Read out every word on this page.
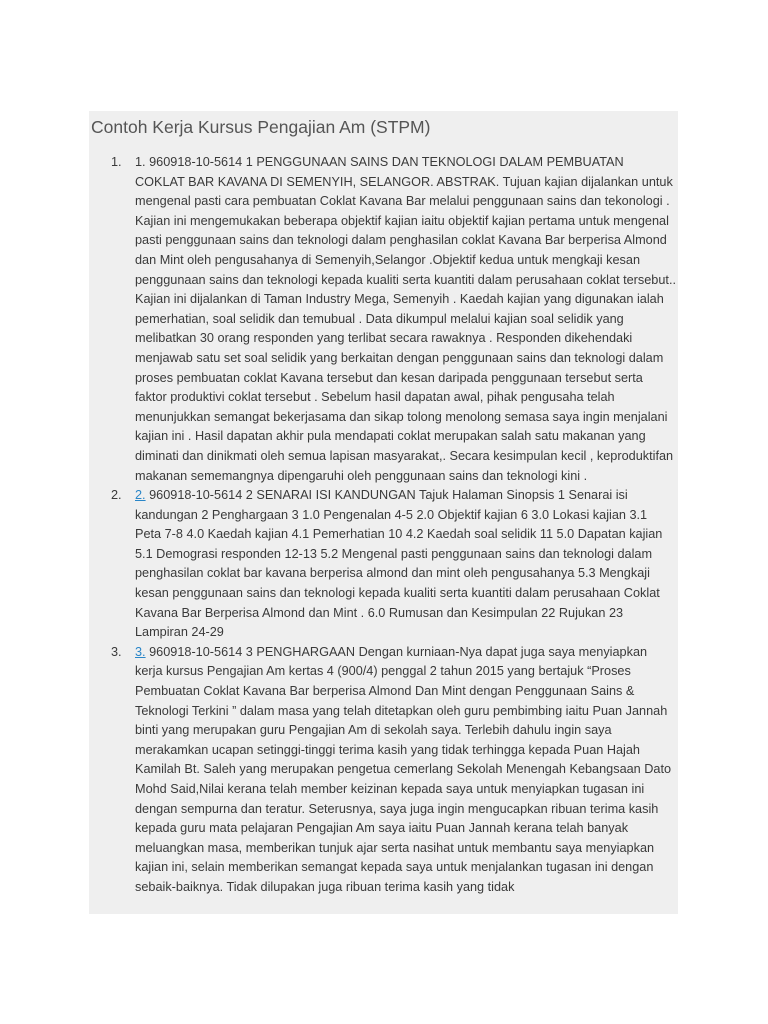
Contoh Kerja Kursus Pengajian Am (STPM)
1. 1. 960918-10-5614 1 PENGGUNAAN SAINS DAN TEKNOLOGI DALAM PEMBUATAN COKLAT BAR KAVANA DI SEMENYIH, SELANGOR. ABSTRAK. Tujuan kajian dijalankan untuk mengenal pasti cara pembuatan Coklat Kavana Bar melalui penggunaan sains dan tekonologi . Kajian ini mengemukakan beberapa objektif kajian iaitu objektif kajian pertama untuk mengenal pasti penggunaan sains dan teknologi dalam penghasilan coklat Kavana Bar berperisa Almond dan Mint oleh pengusahanya di Semenyih,Selangor .Objektif kedua untuk mengkaji kesan penggunaan sains dan teknologi kepada kualiti serta kuantiti dalam perusahaan coklat tersebut.. Kajian ini dijalankan di Taman Industry Mega, Semenyih . Kaedah kajian yang digunakan ialah pemerhatian, soal selidik dan temubual . Data dikumpul melalui kajian soal selidik yang melibatkan 30 orang responden yang terlibat secara rawaknya . Responden dikehendaki menjawab satu set soal selidik yang berkaitan dengan penggunaan sains dan teknologi dalam proses pembuatan coklat Kavana tersebut dan kesan daripada penggunaan tersebut serta faktor produktivi coklat tersebut . Sebelum hasil dapatan awal, pihak pengusaha telah menunjukkan semangat bekerjasama dan sikap tolong menolong semasa saya ingin menjalani kajian ini . Hasil dapatan akhir pula mendapati coklat merupakan salah satu makanan yang diminati dan dinikmati oleh semua lapisan masyarakat,. Secara kesimpulan kecil , keproduktifan makanan sememangnya dipengaruhi oleh penggunaan sains dan teknologi kini .
2. 2. 960918-10-5614 2 SENARAI ISI KANDUNGAN Tajuk Halaman Sinopsis 1 Senarai isi kandungan 2 Penghargaan 3 1.0 Pengenalan 4-5 2.0 Objektif kajian 6 3.0 Lokasi kajian 3.1 Peta 7-8 4.0 Kaedah kajian 4.1 Pemerhatian 10 4.2 Kaedah soal selidik 11 5.0 Dapatan kajian 5.1 Demograsi responden 12-13 5.2 Mengenal pasti penggunaan sains dan teknologi dalam penghasilan coklat bar kavana berperisa almond dan mint oleh pengusahanya 5.3 Mengkaji kesan penggunaan sains dan teknologi kepada kualiti serta kuantiti dalam perusahaan Coklat Kavana Bar Berperisa Almond dan Mint . 6.0 Rumusan dan Kesimpulan 22 Rujukan 23 Lampiran 24-29
3. 3. 960918-10-5614 3 PENGHARGAAN Dengan kurniaan-Nya dapat juga saya menyiapkan kerja kursus Pengajian Am kertas 4 (900/4) penggal 2 tahun 2015 yang bertajuk “Proses Pembuatan Coklat Kavana Bar berperisa Almond Dan Mint dengan Penggunaan Sains & Teknologi Terkini ” dalam masa yang telah ditetapkan oleh guru pembimbing iaitu Puan Jannah binti yang merupakan guru Pengajian Am di sekolah saya. Terlebih dahulu ingin saya merakamkan ucapan setinggi-tinggi terima kasih yang tidak terhingga kepada Puan Hajah Kamilah Bt. Saleh yang merupakan pengetua cemerlang Sekolah Menengah Kebangsaan Dato Mohd Said,Nilai kerana telah member keizinan kepada saya untuk menyiapkan tugasan ini dengan sempurna dan teratur. Seterusnya, saya juga ingin mengucapkan ribuan terima kasih kepada guru mata pelajaran Pengajian Am saya iaitu Puan Jannah kerana telah banyak meluangkan masa, memberikan tunjuk ajar serta nasihat untuk membantu saya menyiapkan kajian ini, selain memberikan semangat kepada saya untuk menjalankan tugasan ini dengan sebaik-baiknya. Tidak dilupakan juga ribuan terima kasih yang tidak
